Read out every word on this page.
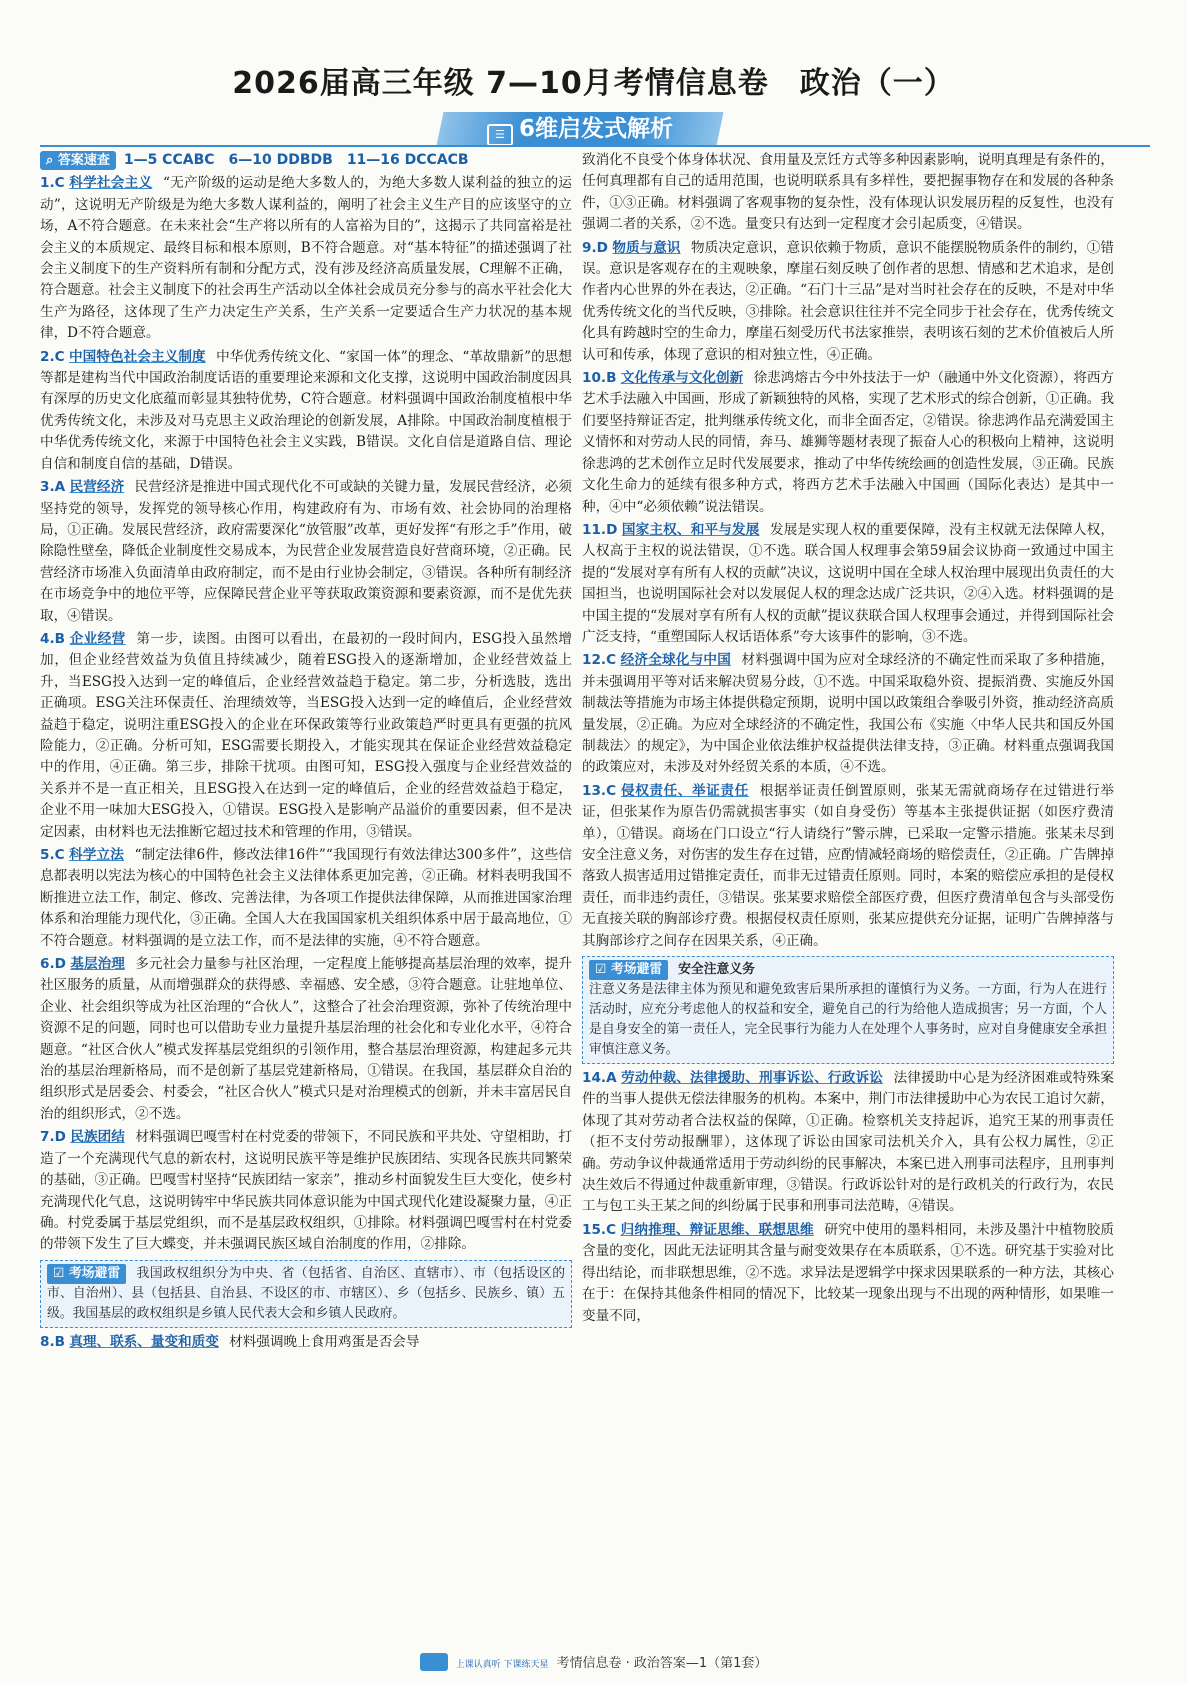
2026届高三年级 7—10月考情信息卷　政治（一）
☰ 6维启发式解析
⌕ 答案速查 1—5 CCABC　6—10 DDBDB　11—16 DCCACB
1.C 科学社会主义 “无产阶级的运动是绝大多数人的，为绝大多数人谋利益的独立的运动”，这说明无产阶级是为绝大多数人谋利益的，阐明了社会主义生产目的应该坚守的立场，A不符合题意。在未来社会“生产将以所有的人富裕为目的”，这揭示了共同富裕是社会主义的本质规定、最终目标和根本原则，B不符合题意。对“基本特征”的描述强调了社会主义制度下的生产资料所有制和分配方式，没有涉及经济高质量发展，C理解不正确，符合题意。社会主义制度下的社会再生产活动以全体社会成员充分参与的高水平社会化大生产为路径，这体现了生产力决定生产关系，生产关系一定要适合生产力状况的基本规律，D不符合题意。
2.C 中国特色社会主义制度 中华优秀传统文化、“家国一体”的理念、“革故鼎新”的思想等都是建构当代中国政治制度话语的重要理论来源和文化支撑，这说明中国政治制度因具有深厚的历史文化底蕴而彰显其独特优势，C符合题意。材料强调中国政治制度植根中华优秀传统文化，未涉及对马克思主义政治理论的创新发展，A排除。中国政治制度植根于中华优秀传统文化，来源于中国特色社会主义实践，B错误。文化自信是道路自信、理论自信和制度自信的基础，D错误。
3.A 民营经济 民营经济是推进中国式现代化不可或缺的关键力量，发展民营经济，必须坚持党的领导，发挥党的领导核心作用，构建政府有为、市场有效、社会协同的治理格局，①正确。发展民营经济，政府需要深化“放管服”改革，更好发挥“有形之手”作用，破除隐性壁垒，降低企业制度性交易成本，为民营企业发展营造良好营商环境，②正确。民营经济市场准入负面清单由政府制定，而不是由行业协会制定，③错误。各种所有制经济在市场竞争中的地位平等，应保障民营企业平等获取政策资源和要素资源，而不是优先获取，④错误。
4.B 企业经营 第一步，读图。由图可以看出，在最初的一段时间内，ESG投入虽然增加，但企业经营效益为负值且持续减少，随着ESG投入的逐渐增加，企业经营效益上升，当ESG投入达到一定的峰值后，企业经营效益趋于稳定。第二步，分析选肢，选出正确项。ESG关注环保责任、治理绩效等，当ESG投入达到一定的峰值后，企业经营效益趋于稳定，说明注重ESG投入的企业在环保政策等行业政策趋严时更具有更强的抗风险能力，②正确。分析可知，ESG需要长期投入，才能实现其在保证企业经营效益稳定中的作用，④正确。第三步，排除干扰项。由图可知，ESG投入强度与企业经营效益的关系并不是一直正相关，且ESG投入在达到一定的峰值后，企业的经营效益趋于稳定，企业不用一味加大ESG投入，①错误。ESG投入是影响产品溢价的重要因素，但不是决定因素，由材料也无法推断它超过技术和管理的作用，③错误。
5.C 科学立法 “制定法律6件，修改法律16件”“我国现行有效法律达300多件”，这些信息都表明以宪法为核心的中国特色社会主义法律体系更加完善，②正确。材料表明我国不断推进立法工作，制定、修改、完善法律，为各项工作提供法律保障，从而推进国家治理体系和治理能力现代化，③正确。全国人大在我国国家机关组织体系中居于最高地位，①不符合题意。材料强调的是立法工作，而不是法律的实施，④不符合题意。
6.D 基层治理 多元社会力量参与社区治理，一定程度上能够提高基层治理的效率，提升社区服务的质量，从而增强群众的获得感、幸福感、安全感，③符合题意。让驻地单位、企业、社会组织等成为社区治理的“合伙人”，这整合了社会治理资源，弥补了传统治理中资源不足的问题，同时也可以借助专业力量提升基层治理的社会化和专业化水平，④符合题意。“社区合伙人”模式发挥基层党组织的引领作用，整合基层治理资源，构建起多元共治的基层治理新格局，而不是创新了基层党建新格局，①错误。在我国，基层群众自治的组织形式是居委会、村委会，“社区合伙人”模式只是对治理模式的创新，并未丰富居民自治的组织形式，②不选。
7.D 民族团结 材料强调巴嘎雪村在村党委的带领下，不同民族和平共处、守望相助，打造了一个充满现代气息的新农村，这说明民族平等是维护民族团结、实现各民族共同繁荣的基础，③正确。巴嘎雪村坚持“民族团结一家亲”，推动乡村面貌发生巨大变化，使乡村充满现代化气息，这说明铸牢中华民族共同体意识能为中国式现代化建设凝聚力量，④正确。村党委属于基层党组织，而不是基层政权组织，①排除。材料强调巴嘎雪村在村党委的带领下发生了巨大蝶变，并未强调民族区域自治制度的作用，②排除。
☑ 考场避雷 我国政权组织分为中央、省（包括省、自治区、直辖市）、市（包括设区的市、自治州）、县（包括县、自治县、不设区的市、市辖区）、乡（包括乡、民族乡、镇）五级。我国基层的政权组织是乡镇人民代表大会和乡镇人民政府。
8.B 真理、联系、量变和质变 材料强调晚上食用鸡蛋是否会导
致消化不良受个体身体状况、食用量及烹饪方式等多种因素影响，说明真理是有条件的，任何真理都有自己的适用范围，也说明联系具有多样性，要把握事物存在和发展的各种条件，①③正确。材料强调了客观事物的复杂性，没有体现认识发展历程的反复性，也没有强调二者的关系，②不选。量变只有达到一定程度才会引起质变，④错误。
9.D 物质与意识 物质决定意识，意识依赖于物质，意识不能摆脱物质条件的制约，①错误。意识是客观存在的主观映象，摩崖石刻反映了创作者的思想、情感和艺术追求，是创作者内心世界的外在表达，②正确。“石门十三品”是对当时社会存在的反映，不是对中华优秀传统文化的当代反映，③排除。社会意识往往并不完全同步于社会存在，优秀传统文化具有跨越时空的生命力，摩崖石刻受历代书法家推崇，表明该石刻的艺术价值被后人所认可和传承，体现了意识的相对独立性，④正确。
10.B 文化传承与文化创新 徐悲鸿熔古今中外技法于一炉（融通中外文化资源），将西方艺术手法融入中国画，形成了新颖独特的风格，实现了艺术形式的综合创新，①正确。我们要坚持辩证否定，批判继承传统文化，而非全面否定，②错误。徐悲鸿作品充满爱国主义情怀和对劳动人民的同情，奔马、雄狮等题材表现了振奋人心的积极向上精神，这说明徐悲鸿的艺术创作立足时代发展要求，推动了中华传统绘画的创造性发展，③正确。民族文化生命力的延续有很多种方式，将西方艺术手法融入中国画（国际化表达）是其中一种，④中“必须依赖”说法错误。
11.D 国家主权、和平与发展 发展是实现人权的重要保障，没有主权就无法保障人权，人权高于主权的说法错误，①不选。联合国人权理事会第59届会议协商一致通过中国主提的“发展对享有所有人权的贡献”决议，这说明中国在全球人权治理中展现出负责任的大国担当，也说明国际社会对以发展促人权的理念达成广泛共识，②④入选。材料强调的是中国主提的“发展对享有所有人权的贡献”提议获联合国人权理事会通过，并得到国际社会广泛支持，“重塑国际人权话语体系”夸大该事件的影响，③不选。
12.C 经济全球化与中国 材料强调中国为应对全球经济的不确定性而采取了多种措施，并未强调用平等对话来解决贸易分歧，①不选。中国采取稳外资、提振消费、实施反外国制裁法等措施为市场主体提供稳定预期，说明中国以政策组合拳吸引外资，推动经济高质量发展，②正确。为应对全球经济的不确定性，我国公布《实施〈中华人民共和国反外国制裁法〉的规定》，为中国企业依法维护权益提供法律支持，③正确。材料重点强调我国的政策应对，未涉及对外经贸关系的本质，④不选。
13.C 侵权责任、举证责任 根据举证责任倒置原则，张某无需就商场存在过错进行举证，但张某作为原告仍需就损害事实（如自身受伤）等基本主张提供证据（如医疗费清单），①错误。商场在门口设立“行人请绕行”警示牌，已采取一定警示措施。张某未尽到安全注意义务，对伤害的发生存在过错，应酌情减轻商场的赔偿责任，②正确。广告牌掉落致人损害适用过错推定责任，而非无过错责任原则。同时，本案的赔偿应承担的是侵权责任，而非违约责任，③错误。张某要求赔偿全部医疗费，但医疗费清单包含与头部受伤无直接关联的胸部诊疗费。根据侵权责任原则，张某应提供充分证据，证明广告牌掉落与其胸部诊疗之间存在因果关系，④正确。
☑ 考场避雷 安全注意义务
注意义务是法律主体为预见和避免致害后果所承担的谨慎行为义务。一方面，行为人在进行活动时，应充分考虑他人的权益和安全，避免自己的行为给他人造成损害；另一方面，个人是自身安全的第一责任人，完全民事行为能力人在处理个人事务时，应对自身健康安全承担审慎注意义务。
14.A 劳动仲裁、法律援助、刑事诉讼、行政诉讼 法律援助中心是为经济困难或特殊案件的当事人提供无偿法律服务的机构。本案中，荆门市法律援助中心为农民工追讨欠薪，体现了其对劳动者合法权益的保障，①正确。检察机关支持起诉，追究王某的刑事责任（拒不支付劳动报酬罪），这体现了诉讼由国家司法机关介入，具有公权力属性，②正确。劳动争议仲裁通常适用于劳动纠纷的民事解决，本案已进入刑事司法程序，且刑事判决生效后不得通过仲裁重新审理，③错误。行政诉讼针对的是行政机关的行政行为，农民工与包工头王某之间的纠纷属于民事和刑事司法范畴，④错误。
15.C 归纳推理、辩证思维、联想思维 研究中使用的墨料相同，未涉及墨汁中植物胶质含量的变化，因此无法证明其含量与耐变效果存在本质联系，①不选。研究基于实验对比得出结论，而非联想思维，②不选。求异法是逻辑学中探求因果联系的一种方法，其核心在于：在保持其他条件相同的情况下，比较某一现象出现与不出现的两种情形，如果唯一变量不同，
上课认真听 下课练天星 考情信息卷 · 政治答案—1（第1套）
